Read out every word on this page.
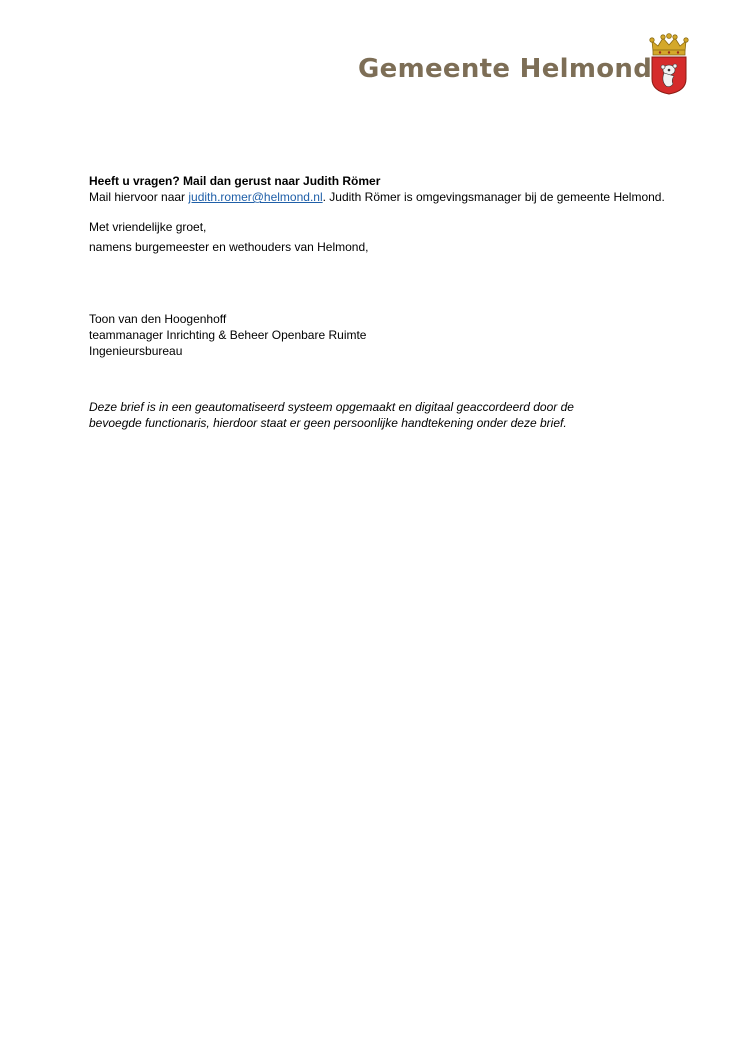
Gemeente Helmond

Heeft u vragen? Mail dan gerust naar Judith Römer

Mail hiervoor naar judith.romer@helmond.nl. Judith Römer is omgevingsmanager bij de gemeente Helmond.

Met vriendelijke groet,

namens burgemeester en wethouders van Helmond,

Toon van den Hoogenhoff

teammanager Inrichting & Beheer Openbare Ruimte

Ingenieursbureau

Deze brief is in een geautomatiseerd systeem opgemaakt en digitaal geaccordeerd door de

bevoegde functionaris, hierdoor staat er geen persoonlijke handtekening onder deze brief.
